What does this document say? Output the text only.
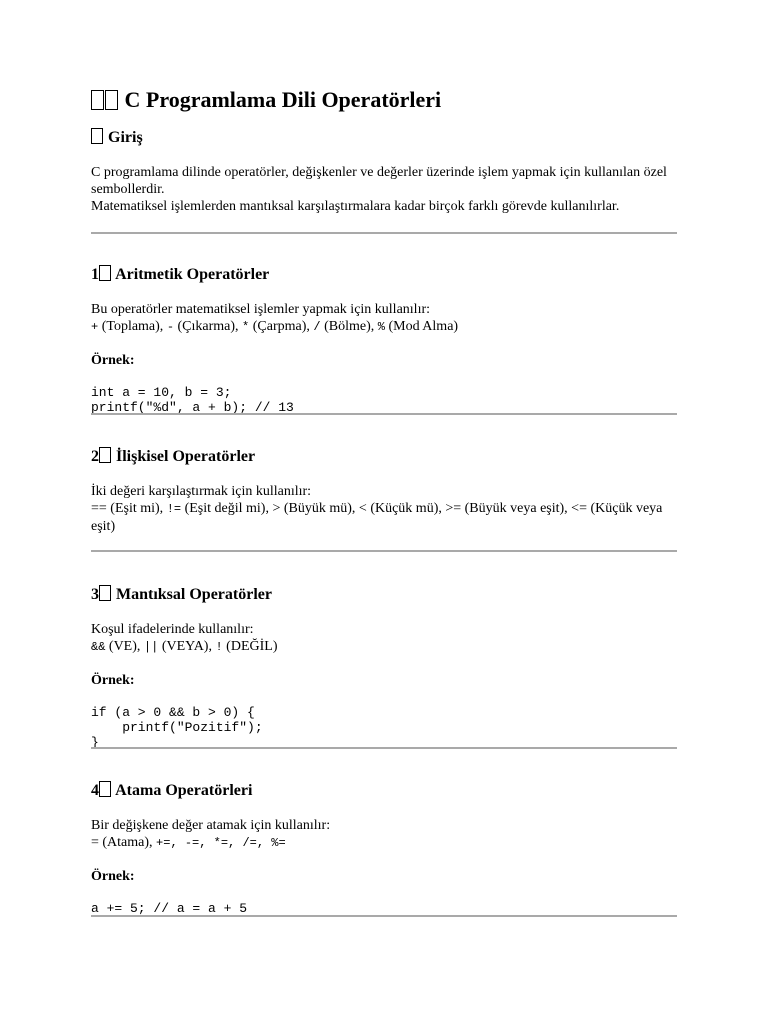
C Programlama Dili Operatörleri
Giriş

C programlama dilinde operatörler, değişkenler ve değerler üzerinde işlem yapmak için kullanılan özel sembollerdir.
Matematiksel işlemlerden mantıksal karşılaştırmalara kadar birçok farklı görevde kullanılırlar.

1 Aritmetik Operatörler

Bu operatörler matematiksel işlemler yapmak için kullanılır:
+ (Toplama), - (Çıkarma), * (Çarpma), / (Bölme), % (Mod Alma)

Örnek:

int a = 10, b = 3;
printf("%d", a + b); // 13
2 İlişkisel Operatörler

İki değeri karşılaştırmak için kullanılır:
== (Eşit mi), != (Eşit değil mi), > (Büyük mü), < (Küçük mü), >= (Büyük veya eşit), <= (Küçük veya eşit)

3 Mantıksal Operatörler

Koşul ifadelerinde kullanılır:
&& (VE), || (VEYA), ! (DEĞİL)

Örnek:

if (a > 0 && b > 0) {
printf("Pozitif");
}
4 Atama Operatörleri

Bir değişkene değer atamak için kullanılır:
= (Atama), +=, -=, *=, /=, %=

Örnek:

a += 5; // a = a + 5
